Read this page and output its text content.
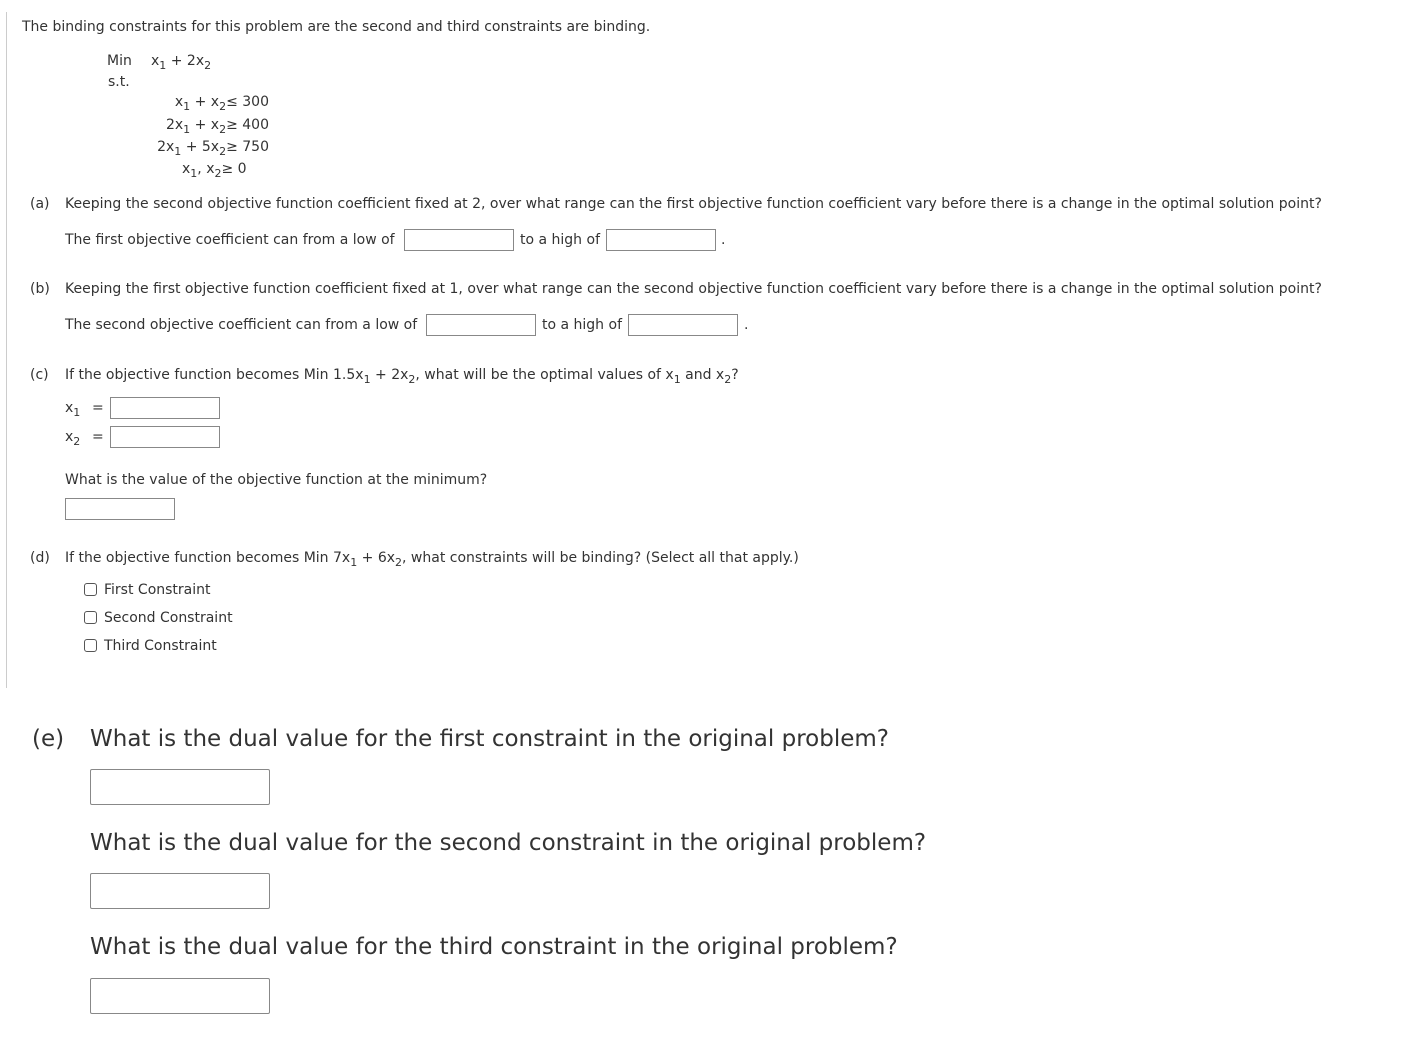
The binding constraints for this problem are the second and third constraints are binding.
Min $x_1 + 2x_2$
s.t.
$x_1 + x_2\le 300$
$2x_1 + x_2\ge 400$
$2x_1 + 5x_2\ge 750$
$x_1$, $x_2\ge 0$
(a) Keeping the second objective function coefficient fixed at 2, over what range can the first objective function coefficient vary before there is a change in the optimal solution point?
The first objective coefficient can from a low of	to a high of	.
(b) Keeping the first objective function coefficient fixed at 1, over what range can the second objective function coefficient vary before there is a change in the optimal solution point?
The second objective coefficient can from a low of	to a high of	.
(c) If the objective function becomes Min $1.5x_1 + 2x_2$, what will be the optimal values of $x_1$ and $x_2$?
$x_1$ =
$x_2$ =
What is the value of the objective function at the minimum?
(d) If the objective function becomes Min $7x_1 + 6x_2$, what constraints will be binding? (Select all that apply.)
First Constraint
Second Constraint
Third Constraint
(e) What is the dual value for the first constraint in the original problem?
What is the dual value for the second constraint in the original problem?
What is the dual value for the third constraint in the original problem?
